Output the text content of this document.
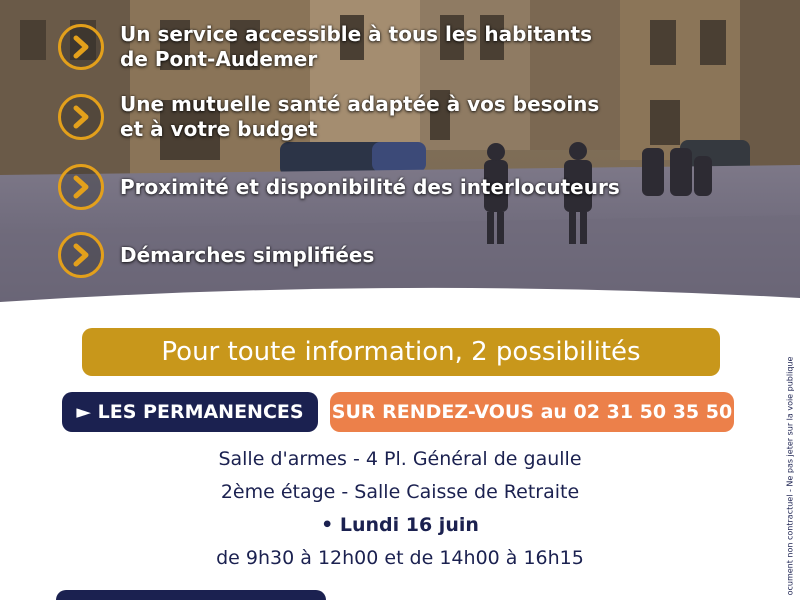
Un service accessible à tous les habitants
de Pont-Audemer
Une mutuelle santé adaptée à vos besoins
et à votre budget
Proximité et disponibilité des interlocuteurs
Démarches simplifiées
Pour toute information, 2 possibilités
► LES PERMANENCES	SUR RENDEZ-VOUS au 02 31 50 35 50
Salle d'armes - 4 Pl. Général de gaulle
2ème étage - Salle Caisse de Retraite
• Lundi 16 juin
de 9h30 à 12h00 et de 14h00 à 16h15	ocument non contractuel - Ne pas jeter sur la voie publique
